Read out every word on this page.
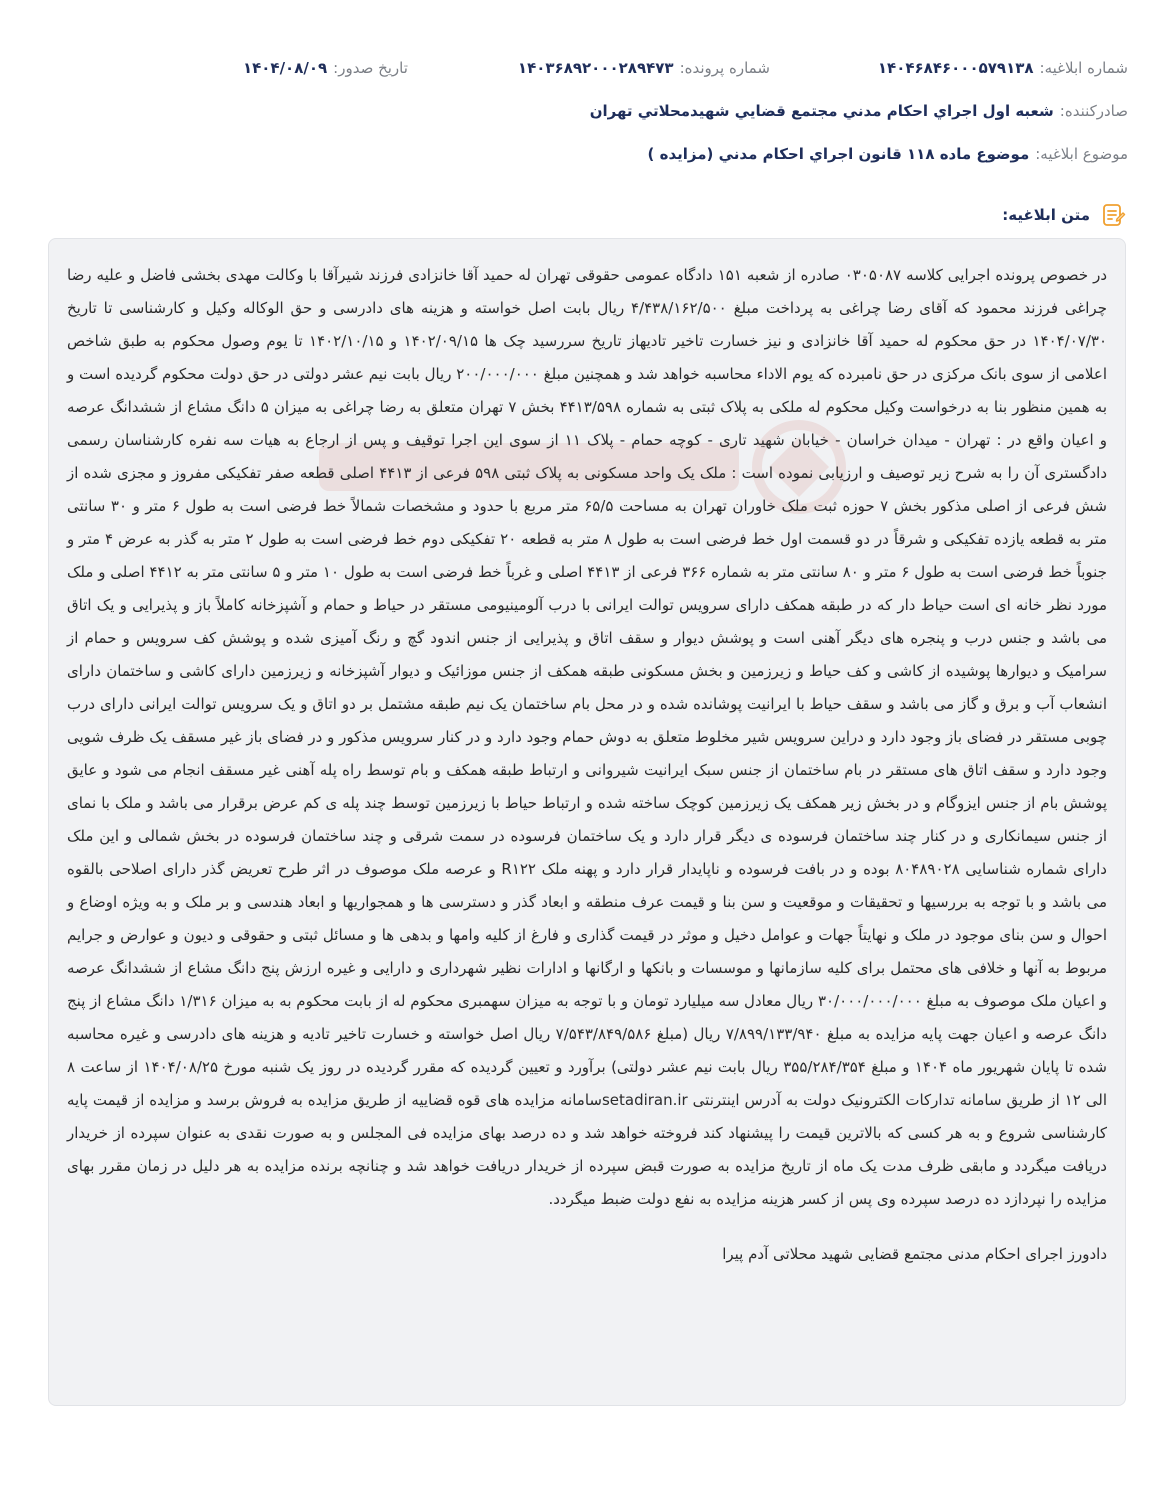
شماره ابلاغیه:
۱۴۰۴۶۸۴۶۰۰۰۵۷۹۱۳۸
شماره پرونده:
۱۴۰۳۶۸۹۲۰۰۰۲۸۹۴۷۳
تاریخ صدور:
۱۴۰۴/۰۸/۰۹
صادرکننده:
شعبه اول اجراي احكام مدني مجتمع قضايي شهيدمحلاتي تهران
موضوع ابلاغیه:
موضوع ماده ۱۱۸ قانون اجراي احكام مدني (مزايده )
متن ابلاغیه:
در خصوص پرونده اجرایی کلاسه ۰۳۰۵۰۸۷ صادره از شعبه ۱۵۱ دادگاه عمومی حقوقی تهران له حمید آقا خانزادی فرزند شیرآقا با وکالت مهدی بخشی فاضل و علیه رضا چراغی فرزند محمود که آقای رضا چراغی به پرداخت مبلغ ۴/۴۳۸/۱۶۲/۵۰۰ ریال بابت اصل خواسته و هزینه های دادرسی و حق الوکاله وکیل و کارشناسی تا تاریخ ۱۴۰۴/۰۷/۳۰ در حق محکوم له حمید آقا خانزادی و نیز خسارت تاخیر تادیهاز تاریخ سررسید چک ها ۱۴۰۲/۰۹/۱۵ و ۱۴۰۲/۱۰/۱۵ تا یوم وصول محکوم به طبق شاخص اعلامی از سوی بانک مرکزی در حق نامبرده که یوم الاداء محاسبه خواهد شد و همچنین مبلغ ۲۰۰/۰۰۰/۰۰۰ ریال بابت نیم عشر دولتی در حق دولت محکوم گردیده است و به همین منظور بنا به درخواست وکیل محکوم له ملکی به پلاک ثبتی به شماره ۴۴۱۳/۵۹۸ بخش ۷ تهران متعلق به رضا چراغی به میزان ۵ دانگ مشاع از ششدانگ عرصه و اعیان واقع در : تهران - میدان خراسان - خیابان شهید تاری - کوچه حمام - پلاک ۱۱ از سوی این اجرا توقیف و پس از ارجاع به هیات سه نفره کارشناسان رسمی دادگستری آن را به شرح زیر توصیف و ارزیابی نموده است : ملک یک واحد مسکونی به پلاک ثبتی ۵۹۸ فرعی از ۴۴۱۳ اصلی قطعه صفر تفکیکی مفروز و مجزی شده از شش فرعی از اصلی مذکور بخش ۷ حوزه ثبت ملک خاوران تهران به مساحت ۶۵/۵ متر مربع با حدود و مشخصات شمالاً خط فرضی است به طول ۶ متر و ۳۰ سانتی متر به قطعه یازده تفکیکی و شرقاً در دو قسمت اول خط فرضی است به طول ۸ متر به قطعه ۲۰ تفکیکی دوم خط فرضی است به طول ۲ متر به گذر به عرض ۴ متر و جنوباً خط فرضی است به طول ۶ متر و ۸۰ سانتی متر به شماره ۳۶۶ فرعی از ۴۴۱۳ اصلی و غرباً خط فرضی است به طول ۱۰ متر و ۵ سانتی متر به ۴۴۱۲ اصلی و ملک مورد نظر خانه ای است حیاط دار که در طبقه همکف دارای سرویس توالت ایرانی با درب آلومینیومی مستقر در حیاط و حمام و آشپزخانه کاملاً باز و پذیرایی و یک اتاق می باشد و جنس درب و پنجره های دیگر آهنی است و پوشش دیوار و سقف اتاق و پذیرایی از جنس اندود گچ و رنگ آمیزی شده و پوشش کف سرویس و حمام از سرامیک و دیوارها پوشیده از کاشی و کف حیاط و زیرزمین و بخش مسکونی طبقه همکف از جنس موزائیک و دیوار آشپزخانه و زیرزمین دارای کاشی و ساختمان دارای انشعاب آب و برق و گاز می باشد و سقف حیاط با ایرانیت پوشانده شده و در محل بام ساختمان یک نیم طبقه مشتمل بر دو اتاق و یک سرویس توالت ایرانی دارای درب چوبی مستقر در فضای باز وجود دارد و دراین سرویس شیر مخلوط متعلق به دوش حمام وجود دارد و در کنار سرویس مذکور و در فضای باز غیر مسقف یک ظرف شویی وجود دارد و سقف اتاق های مستقر در بام ساختمان از جنس سبک ایرانیت شیروانی و ارتباط طبقه همکف و بام توسط راه پله آهنی غیر مسقف انجام می شود و عایق پوشش بام از جنس ایزوگام و در بخش زیر همکف یک زیرزمین کوچک ساخته شده و ارتباط حیاط با زیرزمین توسط چند پله ی کم عرض برقرار می باشد و ملک با نمای از جنس سیمانکاری و در کنار چند ساختمان فرسوده ی دیگر قرار دارد و یک ساختمان فرسوده در سمت شرقی و چند ساختمان فرسوده در بخش شمالی و این ملک دارای شماره شناسایی ۸۰۴۸۹۰۲۸ بوده و در بافت فرسوده و ناپایدار قرار دارد و پهنه ملک R۱۲۲ و عرصه ملک موصوف در اثر طرح تعریض گذر دارای اصلاحی بالقوه می باشد و با توجه به بررسیها و تحقیقات و موقعیت و سن بنا و قیمت عرف منطقه و ابعاد گذر و دسترسی ها و همجواریها و ابعاد هندسی و بر ملک و به ویژه اوضاع و احوال و سن بنای موجود در ملک و نهایتاً جهات و عوامل دخیل و موثر در قیمت گذاری و فارغ از کلیه وامها و بدهی ها و مسائل ثبتی و حقوقی و دیون و عوارض و جرایم مربوط به آنها و خلافی های محتمل برای کلیه سازمانها و موسسات و بانکها و ارگانها و ادارات نظیر شهرداری و دارایی و غیره ارزش پنج دانگ مشاع از ششدانگ عرصه و اعیان ملک موصوف به مبلغ ۳۰/۰۰۰/۰۰۰/۰۰۰ ریال معادل سه میلیارد تومان و با توجه به میزان سهمبری محکوم له از بابت محکوم به به میزان ۱/۳۱۶ دانگ مشاع از پنج دانگ عرصه و اعیان جهت پایه مزایده به مبلغ ۷/۸۹۹/۱۳۳/۹۴۰ ریال (مبلغ ۷/۵۴۳/۸۴۹/۵۸۶ ریال اصل خواسته و خسارت تاخیر تادیه و هزینه های دادرسی و غیره محاسبه شده تا پایان شهریور ماه ۱۴۰۴ و مبلغ ۳۵۵/۲۸۴/۳۵۴ ریال بابت نیم عشر دولتی) برآورد و تعیین گردیده که مقرر گردیده در روز یک شنبه مورخ ۱۴۰۴/۰۸/۲۵ از ساعت ۸ الی ۱۲ از طریق سامانه تدارکات الکترونیک دولت به آدرس اینترنتی setadiran.irسامانه مزایده های قوه قضاییه از طریق مزایده به فروش برسد و مزایده از قیمت پایه کارشناسی شروع و به هر کسی که بالاترین قیمت را پیشنهاد کند فروخته خواهد شد و ده درصد بهای مزایده فی المجلس و به صورت نقدی به عنوان سپرده از خریدار دریافت میگردد و مابقی ظرف مدت یک ماه از تاریخ مزایده به صورت قبض سپرده از خریدار دریافت خواهد شد و چنانچه برنده مزایده به هر دلیل در زمان مقرر بهای مزایده را نپردازد ده درصد سپرده وی پس از کسر هزینه مزایده به نفع دولت ضبط میگردد.
دادورز اجرای احکام مدنی مجتمع قضایی شهید محلاتی آدم پیرا
